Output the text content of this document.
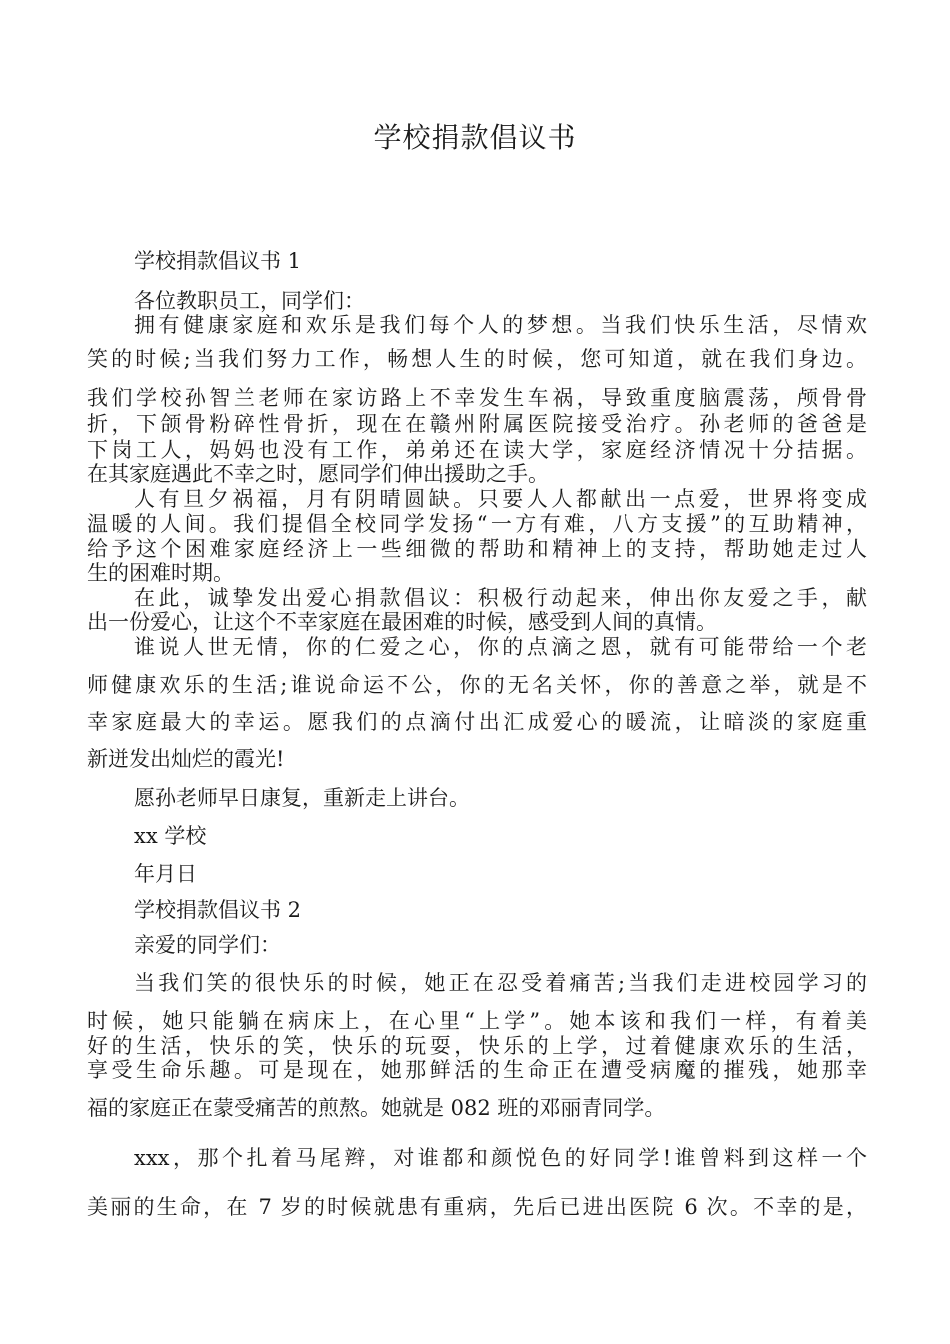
学校捐款倡议书
学校捐款倡议书 1
各位教职员工，同学们：
拥有健康家庭和欢乐是我们每个人的梦想。当我们快乐生活，尽情欢
笑的时候;当我们努力工作，畅想人生的时候，您可知道，就在我们身边。
我们学校孙智兰老师在家访路上不幸发生车祸，导致重度脑震荡，颅骨骨
折，下颌骨粉碎性骨折，现在在赣州附属医院接受治疗。孙老师的爸爸是
下岗工人，妈妈也没有工作，弟弟还在读大学，家庭经济情况十分拮据。
在其家庭遇此不幸之时，愿同学们伸出援助之手。
人有旦夕祸福，月有阴晴圆缺。只要人人都献出一点爱，世界将变成
温暖的人间。我们提倡全校同学发扬“一方有难，八方支援”的互助精神，
给予这个困难家庭经济上一些细微的帮助和精神上的支持，帮助她走过人
生的困难时期。
在此，诚挚发出爱心捐款倡议：积极行动起来，伸出你友爱之手，献
出一份爱心，让这个不幸家庭在最困难的时候，感受到人间的真情。
谁说人世无情，你的仁爱之心，你的点滴之恩，就有可能带给一个老
师健康欢乐的生活;谁说命运不公，你的无名关怀，你的善意之举，就是不
幸家庭最大的幸运。愿我们的点滴付出汇成爱心的暖流，让暗淡的家庭重
新迸发出灿烂的霞光!
愿孙老师早日康复，重新走上讲台。
xx 学校
年月日
学校捐款倡议书 2
亲爱的同学们：
当我们笑的很快乐的时候，她正在忍受着痛苦;当我们走进校园学习的
时候，她只能躺在病床上，在心里“上学”。她本该和我们一样，有着美
好的生活，快乐的笑，快乐的玩耍，快乐的上学，过着健康欢乐的生活，
享受生命乐趣。可是现在，她那鲜活的生命正在遭受病魔的摧残，她那幸
福的家庭正在蒙受痛苦的煎熬。她就是 082 班的邓丽青同学。
xxx，那个扎着马尾辫，对谁都和颜悦色的好同学!谁曾料到这样一个
美丽的生命，在 7 岁的时候就患有重病，先后已进出医院 6 次。不幸的是，
